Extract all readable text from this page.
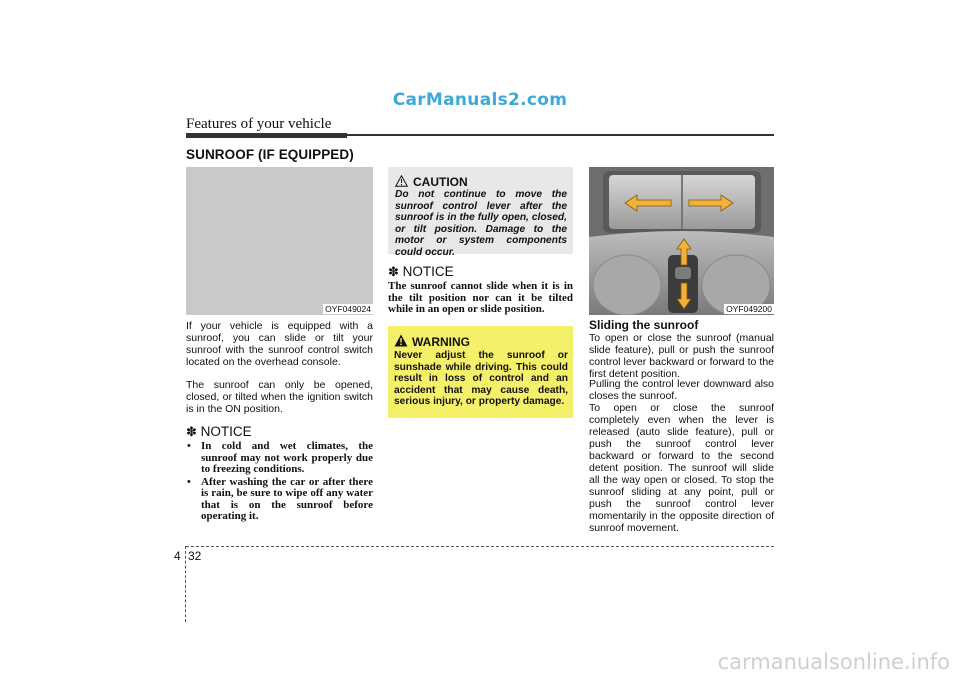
CarManuals2.com
Features of your vehicle
SUNROOF (IF EQUIPPED)
OYF049024
If your vehicle is equipped with a sunroof, you can slide or tilt your sunroof with the sunroof control switch located on the overhead console.
The sunroof can only be opened, closed, or tilted when the ignition switch is in the ON position.
✽ NOTICE
• In cold and wet climates, the sunroof may not work properly due to freezing conditions.
• After washing the car or after there is rain, be sure to wipe off any water that is on the sunroof before operating it.
CAUTION
Do not continue to move the sunroof control lever after the sunroof is in the fully open, closed, or tilt position. Damage to the motor or system components could occur.
✽ NOTICE
The sunroof cannot slide when it is in the tilt position nor can it be tilted while in an open or slide position.
WARNING
Never adjust the sunroof or sunshade while driving. This could result in loss of control and an accident that may cause death, serious injury, or property damage.
OYF049200
Sliding the sunroof
To open or close the sunroof (manual slide feature), pull or push the sunroof control lever backward or forward to the first detent position.
Pulling the control lever downward also closes the sunroof.
To open or close the sunroof completely even when the lever is released (auto slide feature), pull or push the sunroof control lever backward or forward to the second detent position. The sunroof will slide all the way open or closed. To stop the sunroof sliding at any point, pull or push the sunroof control lever momentarily in the opposite direction of sunroof movement.
4 32
carmanualsonline.info
